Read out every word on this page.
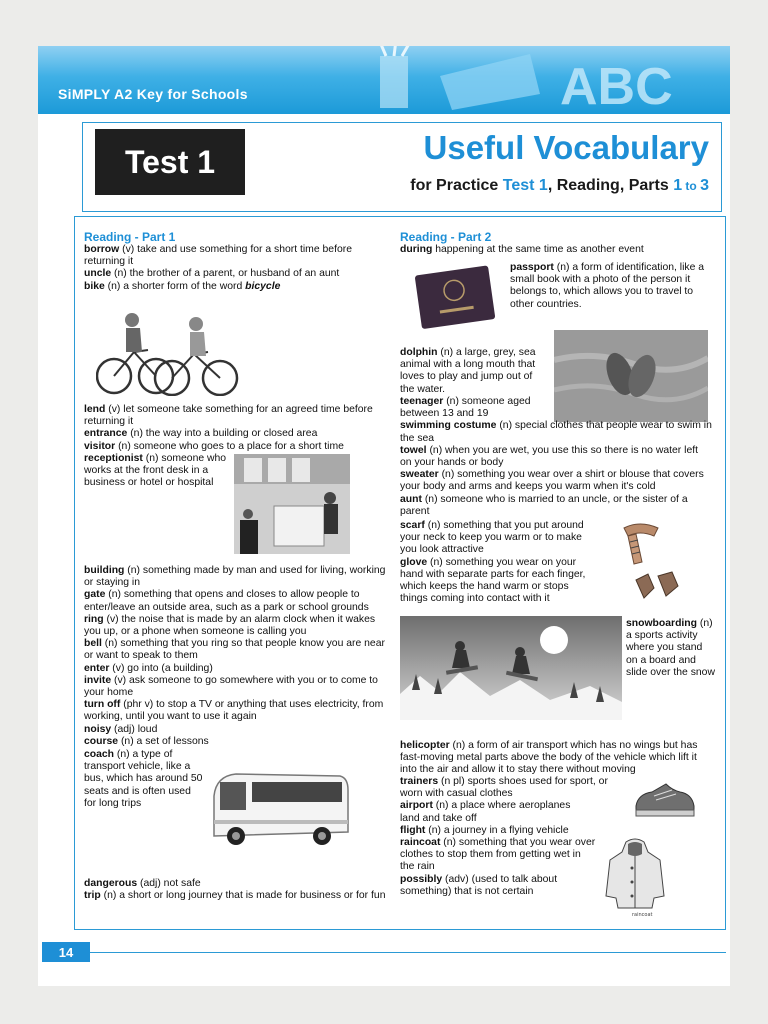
ABC
SiMPLY A2 Key for Schools
Test 1	Useful Vocabulary
for Practice Test 1, Reading, Parts 1 to 3

Reading - Part 1

borrow (v) take and use something for a short time before returning it

uncle (n) the brother of a parent, or husband of an aunt

bike (n) a shorter form of the word bicycle

lend (v) let someone take something for an agreed time before returning it

entrance (n) the way into a building or closed area

visitor (n) someone who goes to a place for a short time

receptionist (n) someone who works at the front desk in a business or hotel or hospital

building (n) something made by man and used for living, working or staying in

gate (n) something that opens and closes to allow people to enter/leave an outside area, such as a park or school grounds

ring (v) the noise that is made by an alarm clock when it wakes you up, or a phone when someone is calling you

bell (n) something that you ring so that people know you are near or want to speak to them

enter (v) go into (a building)

invite (v) ask someone to go somewhere with you or to come to your home

turn off (phr v) to stop a TV or anything that uses electricity, from working, until you want to use it again

noisy (adj) loud

course (n) a set of lessons

coach (n) a type of transport vehicle, like a bus, which has around 50 seats and is often used for long trips

dangerous (adj) not safe

trip (n) a short or long journey that is made for business or for fun

Reading - Part 2

during happening at the same time as another event

passport (n) a form of identification, like a small book with a photo of the person it belongs to, which allows you to travel to other countries.

dolphin (n) a large, grey, sea animal with a long mouth that loves to play and jump out of the water.

teenager (n) someone aged between 13 and 19

swimming costume (n) special clothes that people wear to swim in the sea

towel (n) when you are wet, you use this so there is no water left on your hands or body

sweater (n) something you wear over a shirt or blouse that covers your body and arms and keeps you warm when it's cold

aunt (n) someone who is married to an uncle, or the sister of a parent

scarf (n) something that you put around your neck to keep you warm or to make you look attractive

glove (n) something you wear on your hand with separate parts for each finger, which keeps the hand warm or stops things coming into contact with it

snowboarding (n) a sports activity where you stand on a board and slide over the snow

helicopter (n) a form of air transport which has no wings but has fast-moving metal parts above the body of the vehicle which lift it into the air and allow it to stay there without moving

trainers (n pl) sports shoes used for sport, or worn with casual clothes

airport (n) a place where aeroplanes land and take off

flight (n) a journey in a flying vehicle

raincoat (n) something that you wear over clothes to stop them from getting wet in the rain

possibly (adv) (used to talk about something) that is not certain

raincoat
14
